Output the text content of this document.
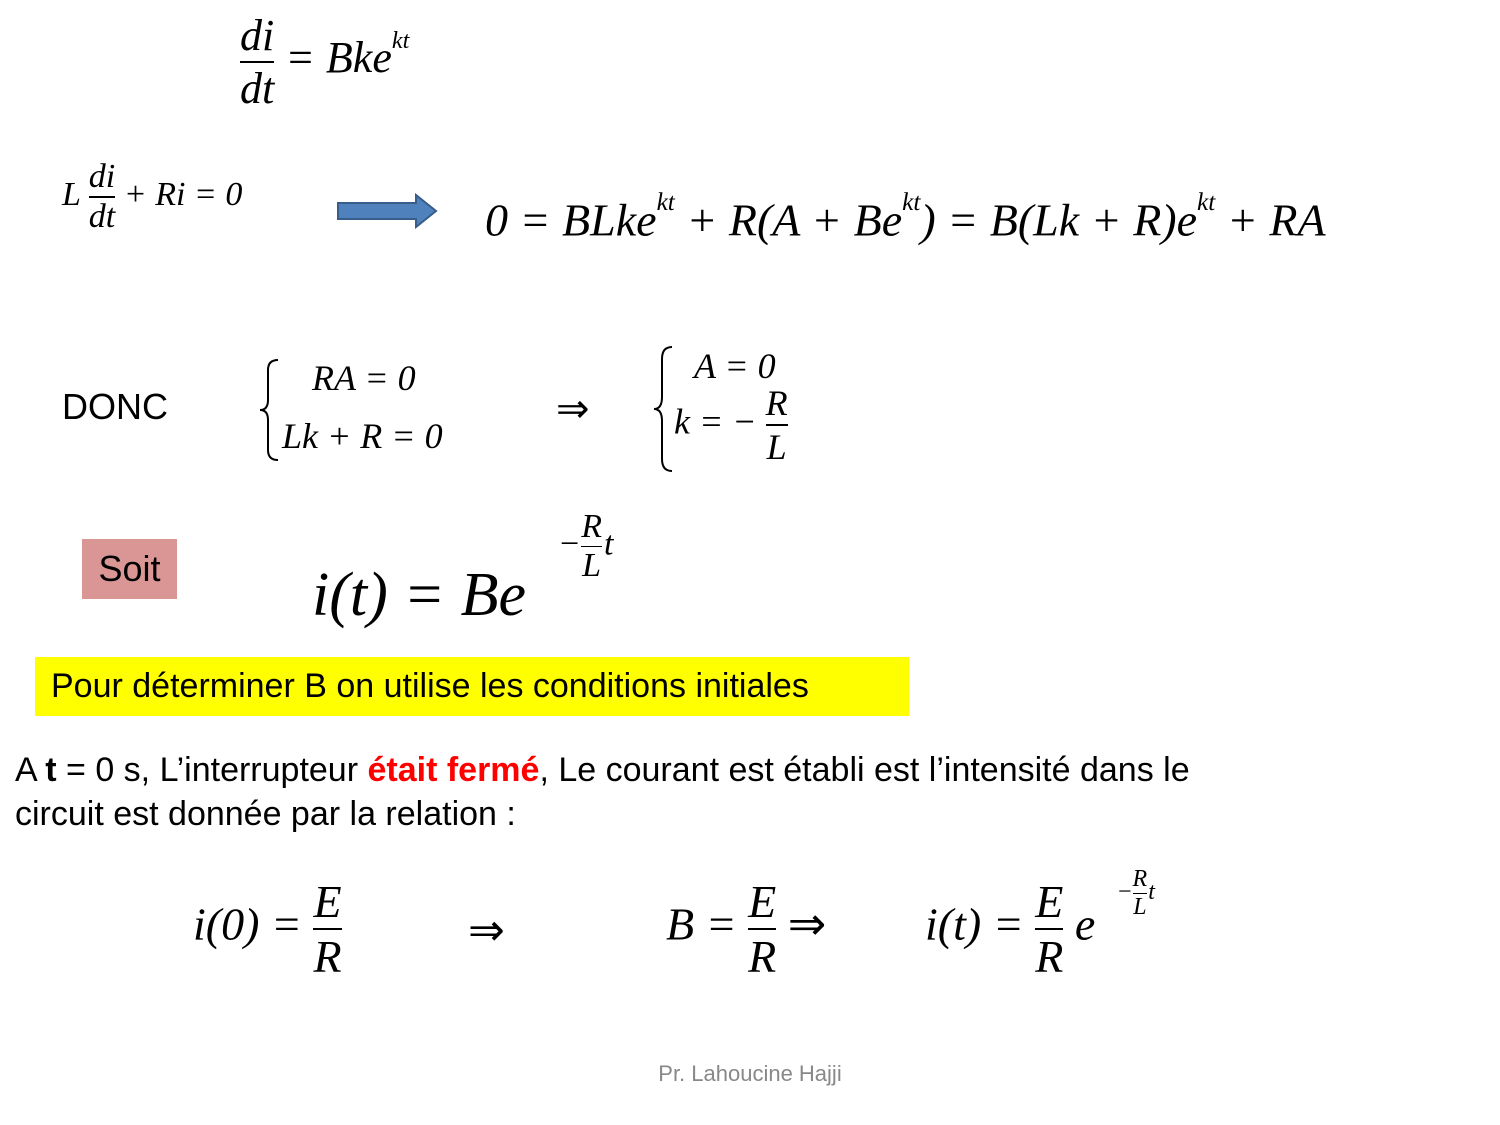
$\frac{di}{dt} = Bke^{kt}$
L $\frac{di}{dt} + Ri = 0$	0 = BLke$^{kt}$ + $R(A + Be^{kt}) = B(Lk + R)e^{kt}$ + RA
DONC
RA = 0
Lk + R = 0
⇒
A = 0
k = − $\frac{R}{L}$
Soit i(t) = Be
− $\frac{R}{L}$ t
Pour déterminer B on utilise les conditions initiales
A t = 0 s, L’interrupteur était fermé, Le courant est établi est l’intensité dans le
circuit est donnée par la relation :
$i(0) = \frac{E}{R}$	⇒	$B = \frac{E}{R}$ ⇒ $i(t) = \frac{E}{R}$ e
− $\frac{R}{L}$ t
Pr. Lahoucine Hajji
